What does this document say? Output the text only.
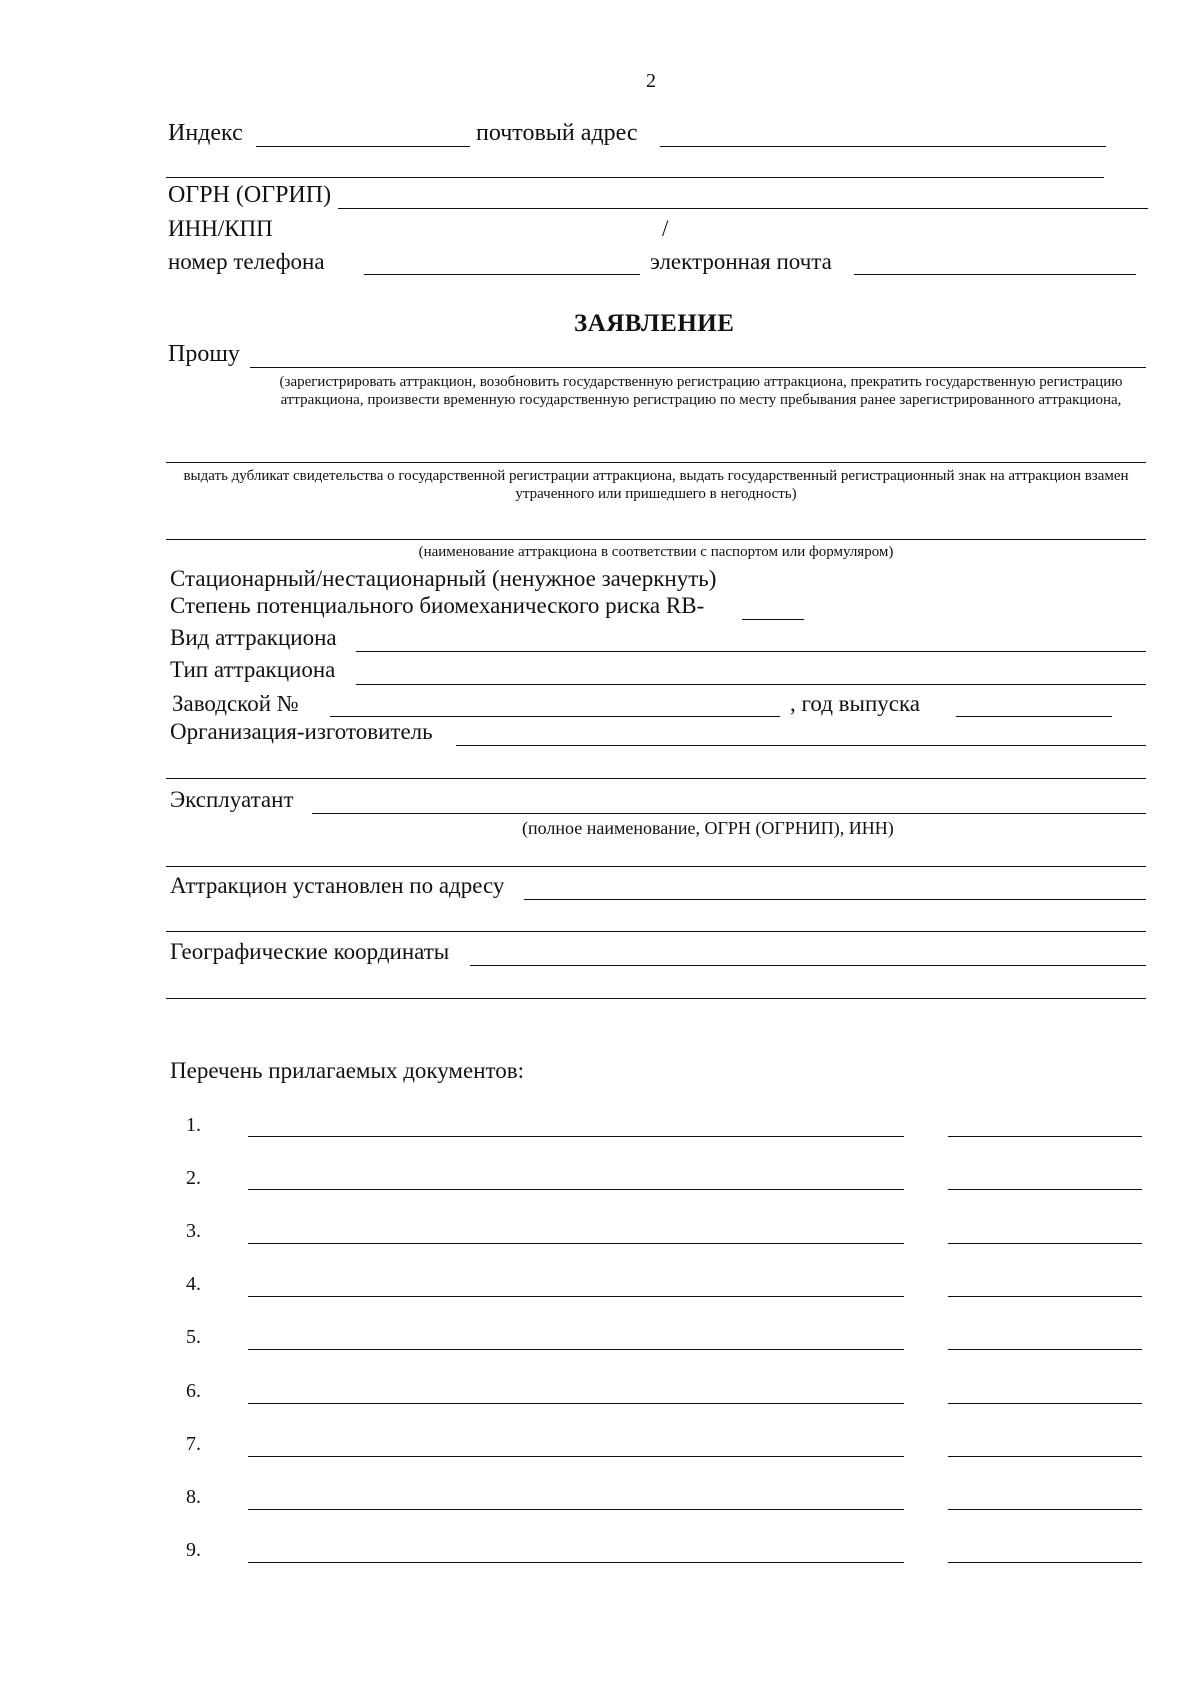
2
Индекс	почтовый адрес
ОГРН (ОГРИП)
ИНН/КПП	/
номер телефона	электронная почта
ЗАЯВЛЕНИЕ
Прошу
(зарегистрировать аттракцион, возобновить государственную регистрацию аттракциона, прекратить государственную регистрацию аттракциона, произвести временную государственную регистрацию по месту пребывания ранее зарегистрированного аттракциона,
выдать дубликат свидетельства о государственной регистрации аттракциона, выдать государственный регистрационный знак на аттракцион взамен утраченного или пришедшего в негодность)
(наименование аттракциона в соответствии с паспортом или формуляром)
Стационарный/нестационарный (ненужное зачеркнуть)
Степень потенциального биомеханического риска RB-
Вид аттракциона
Тип аттракциона
Заводской №	, год выпуска
Организация-изготовитель
Эксплуатант
(полное наименование, ОГРН (ОГРНИП), ИНН)
Аттракцион установлен по адресу
Географические координаты
Перечень прилагаемых документов:
1.
2.
3.
4.
5.
6.
7.
8.
9.
